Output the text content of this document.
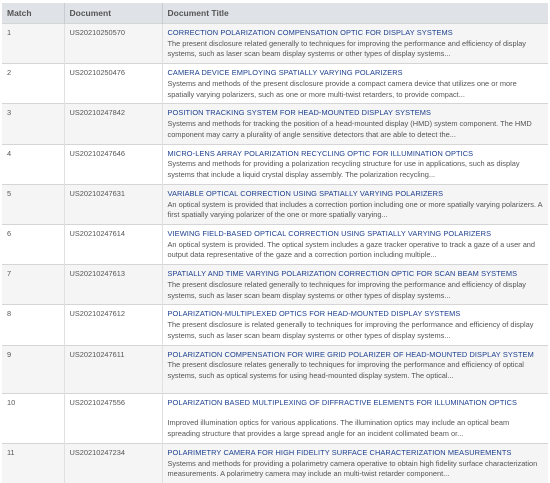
Match	Document	Document Title
1	US20210250570	CORRECTION POLARIZATION COMPENSATION OPTIC FOR DISPLAY SYSTEMS
The present disclosure related generally to techniques for improving the performance and efficiency of display systems, such as laser scan beam display systems or other types of display systems...

2	US20210250476	CAMERA DEVICE EMPLOYING SPATIALLY VARYING POLARIZERS
Systems and methods of the present disclosure provide a compact camera device that utilizes one or more spatially varying polarizers, such as one or more multi-twist retarders, to provide compact...

3	US20210247842	POSITION TRACKING SYSTEM FOR HEAD-MOUNTED DISPLAY SYSTEMS
Systems and methods for tracking the position of a head-mounted display (HMD) system component. The HMD component may carry a plurality of angle sensitive detectors that are able to detect the...

4	US20210247646	MICRO-LENS ARRAY POLARIZATION RECYCLING OPTIC FOR ILLUMINATION OPTICS
Systems and methods for providing a polarization recycling structure for use in applications, such as display systems that include a liquid crystal display assembly. The polarization recycling...

5	US20210247631	VARIABLE OPTICAL CORRECTION USING SPATIALLY VARYING POLARIZERS
An optical system is provided that includes a correction portion including one or more spatially varying polarizers. A first spatially varying polarizer of the one or more spatially varying...

6	US20210247614	VIEWING FIELD-BASED OPTICAL CORRECTION USING SPATIALLY VARYING POLARIZERS
An optical system is provided. The optical system includes a gaze tracker operative to track a gaze of a user and output data representative of the gaze and a correction portion including multiple...

7	US20210247613	SPATIALLY AND TIME VARYING POLARIZATION CORRECTION OPTIC FOR SCAN BEAM SYSTEMS
The present disclosure related generally to techniques for improving the performance and efficiency of display systems, such as laser scan beam display systems or other types of display systems...

8	US20210247612	POLARIZATION-MULTIPLEXED OPTICS FOR HEAD-MOUNTED DISPLAY SYSTEMS
The present disclosure is related generally to techniques for improving the performance and efficiency of display systems, such as laser scan beam display systems or other types of display systems...

9	US20210247611	POLARIZATION COMPENSATION FOR WIRE GRID POLARIZER OF HEAD-MOUNTED DISPLAY SYSTEM
The present disclosure relates generally to techniques for improving the performance and efficiency of optical systems, such as optical systems for using head-mounted display system. The optical...

10	US20210247556	POLARIZATION BASED MULTIPLEXING OF DIFFRACTIVE ELEMENTS FOR ILLUMINATION OPTICS
Improved illumination optics for various applications. The illumination optics may include an optical beam spreading structure that provides a large spread angle for an incident collimated beam or...

11	US20210247234	POLARIMETRY CAMERA FOR HIGH FIDELITY SURFACE CHARACTERIZATION MEASUREMENTS
Systems and methods for providing a polarimetry camera operative to obtain high fidelity surface characterization measurements. A polarimetry camera may include an multi-twist retarder component...
